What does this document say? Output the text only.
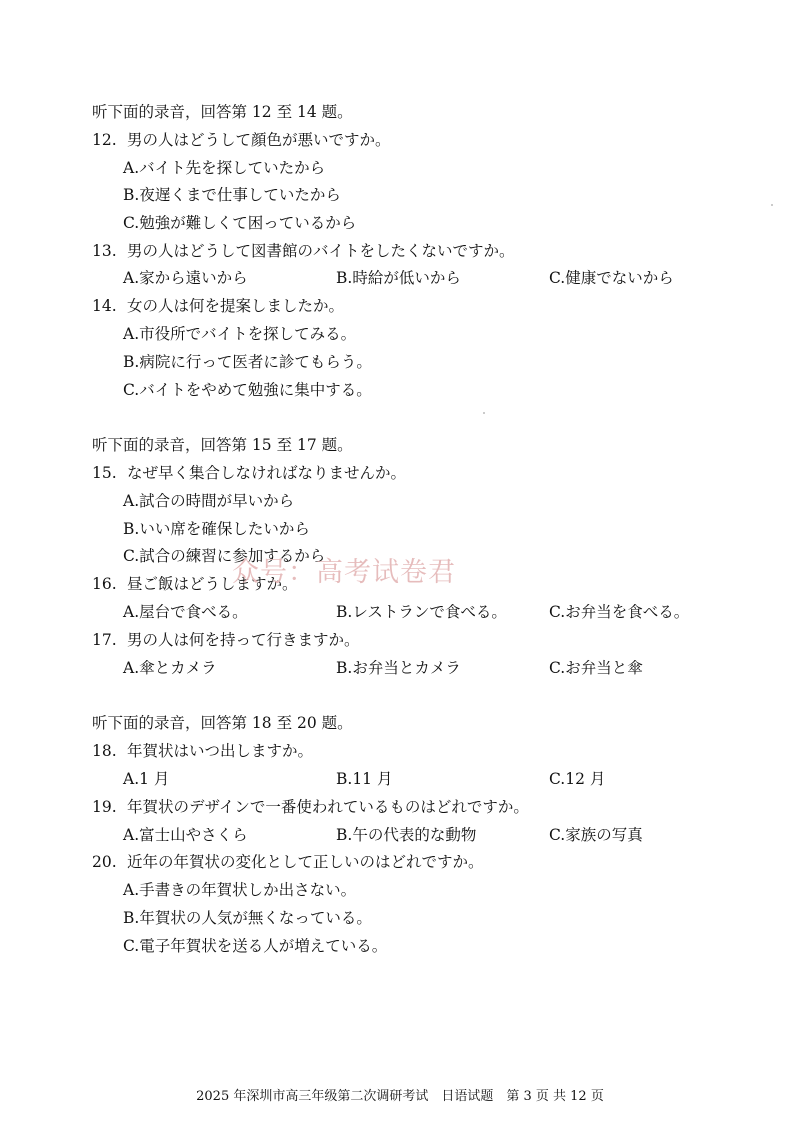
听下面的录音，回答第 12 至 14 题。
12. 男の人はどうして顔色が悪いですか。
A.バイト先を探していたから
B.夜遅くまで仕事していたから
C.勉強が難しくて困っているから
13. 男の人はどうして図書館のバイトをしたくないですか。
A.家から遠いから	B.時給が低いから	C.健康でないから
14. 女の人は何を提案しましたか。
A.市役所でバイトを探してみる。
B.病院に行って医者に診てもらう。
C.バイトをやめて勉強に集中する。
听下面的录音，回答第 15 至 17 题。
15. なぜ早く集合しなければなりませんか。
A.試合の時間が早いから
B.いい席を確保したいから
C.試合の練習に参加するから
16. 昼ご飯はどうしますか。
A.屋台で食べる。	B.レストランで食べる。	C.お弁当を食べる。
17. 男の人は何を持って行きますか。
A.傘とカメラ	B.お弁当とカメラ	C.お弁当と傘
听下面的录音，回答第 18 至 20 题。
18. 年賀状はいつ出しますか。
A.1 月	B.11 月	C.12 月
19. 年賀状のデザインで一番使われているものはどれですか。
A.富士山やさくら	B.午の代表的な動物	C.家族の写真
20. 近年の年賀状の変化として正しいのはどれですか。
A.手書きの年賀状しか出さない。
B.年賀状の人気が無くなっている。
C.電子年賀状を送る人が増えている。
众号：高考试卷君
2025 年深圳市高三年级第二次调研考试　日语试题　第 3 页 共 12 页
